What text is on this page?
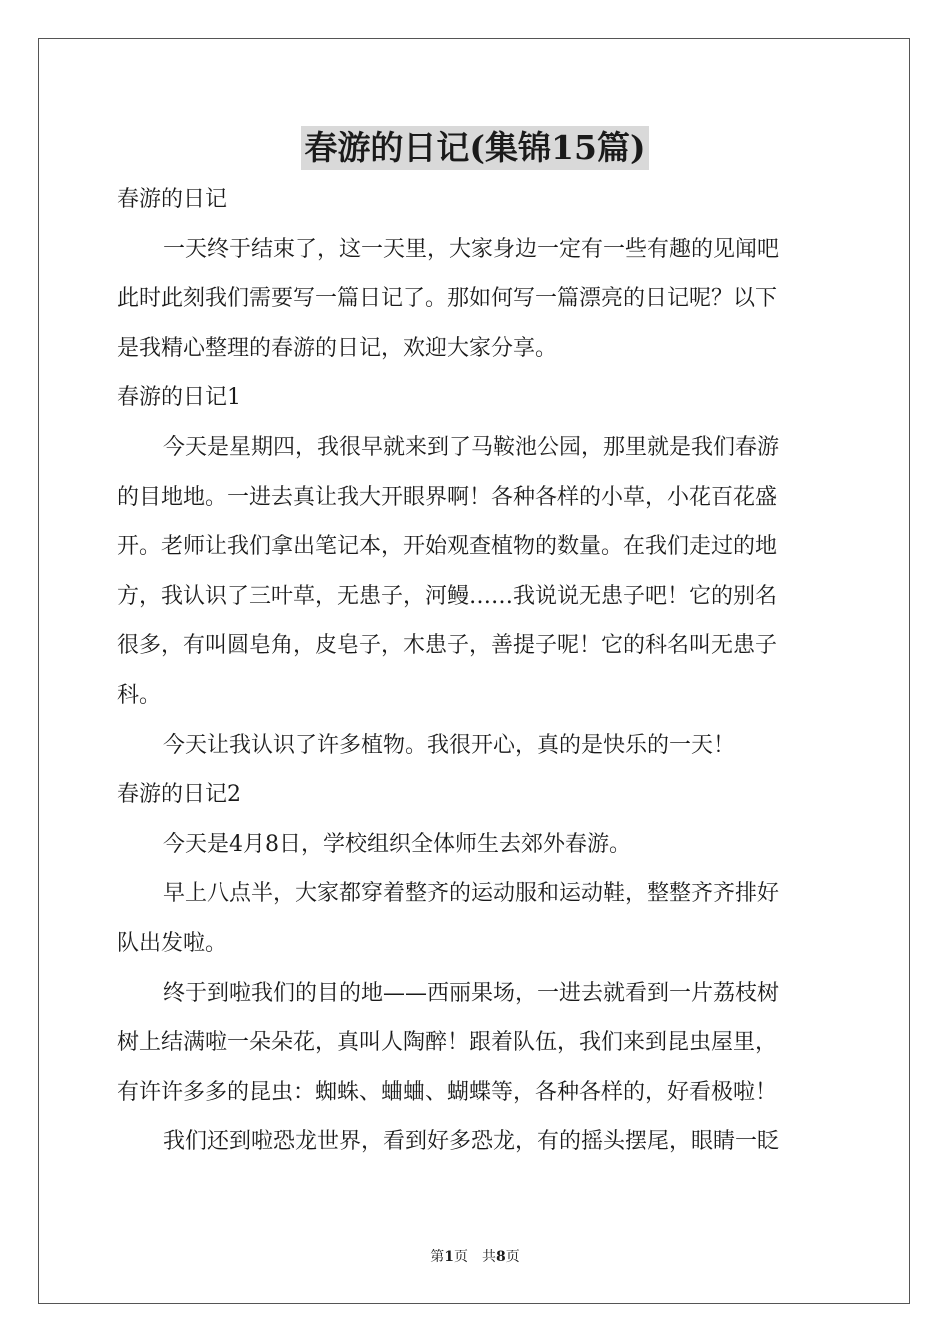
春游的日记(集锦15篇)

春游的日记

一天终于结束了，这一天里，大家身边一定有一些有趣的见闻吧

此时此刻我们需要写一篇日记了。那如何写一篇漂亮的日记呢？以下

是我精心整理的春游的日记，欢迎大家分享。

春游的日记1

今天是星期四，我很早就来到了马鞍池公园，那里就是我们春游

的目地地。一进去真让我大开眼界啊！各种各样的小草，小花百花盛

开。老师让我们拿出笔记本，开始观查植物的数量。在我们走过的地

方，我认识了三叶草，无患子，河鳗……我说说无患子吧！它的别名

很多，有叫圆皂角，皮皂子，木患子，善提子呢！它的科名叫无患子

科。

今天让我认识了许多植物。我很开心，真的是快乐的一天！

春游的日记2

今天是4月8日，学校组织全体师生去郊外春游。

早上八点半，大家都穿着整齐的运动服和运动鞋，整整齐齐排好

队出发啦。

终于到啦我们的目的地——西丽果场，一进去就看到一片荔枝树

树上结满啦一朵朵花，真叫人陶醉！跟着队伍，我们来到昆虫屋里，

有许许多多的昆虫：蜘蛛、蛐蛐、蝴蝶等，各种各样的，好看极啦！

我们还到啦恐龙世界，看到好多恐龙，有的摇头摆尾，眼睛一眨

第1页 共8页
